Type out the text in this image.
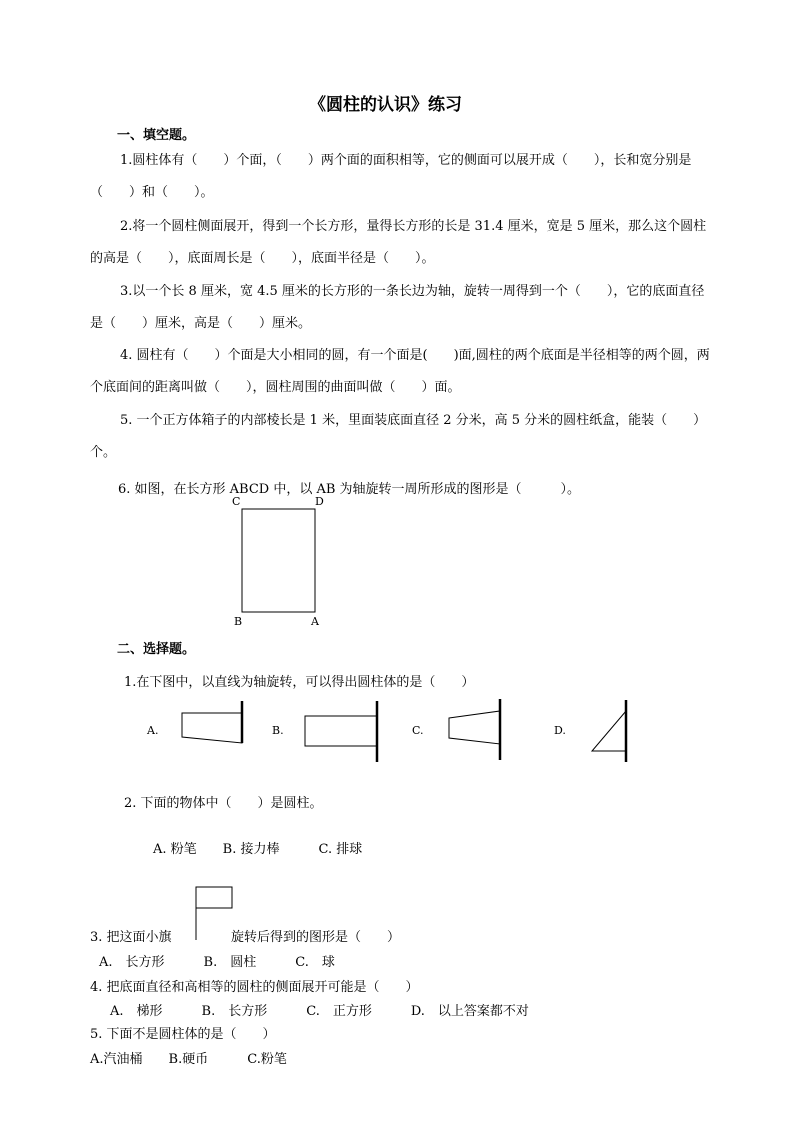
《圆柱的认识》练习
一、填空题。
1.圆柱体有（　　）个面，（　　）两个面的面积相等，它的侧面可以展开成（　　），长和宽分别是（　　）和（　　）。
2.将一个圆柱侧面展开，得到一个长方形，量得长方形的长是 31.4 厘米，宽是 5 厘米，那么这个圆柱的高是（　　），底面周长是（　　），底面半径是（　　）。
3.以一个长 8 厘米，宽 4.5 厘米的长方形的一条长边为轴，旋转一周得到一个（　　），它的底面直径是（　　）厘米，高是（　　）厘米。
4. 圆柱有（　　）个面是大小相同的圆，有一个面是(　　)面,圆柱的两个底面是半径相等的两个圆，两个底面间的距离叫做（　　），圆柱周围的曲面叫做（　　）面。
5. 一个正方体箱子的内部棱长是 1 米，里面装底面直径 2 分米，高 5 分米的圆柱纸盒，能装（　　）个。
6. 如图，在长方形 ABCD 中，以 AB 为轴旋转一周所形成的图形是（　　　）。
C	D
B	A
二、选择题。
1.在下图中，以直线为轴旋转，可以得出圆柱体的是（　　）
A.	B.	C.	D.
2. 下面的物体中（　　）是圆柱。
A. 粉笔　　B. 接力棒　　　C. 排球
3. 把这面小旗	旋转后得到的图形是（　　）
A.　长方形　　　B.　圆柱　　　C.　球
4. 把底面直径和高相等的圆柱的侧面展开可能是（　　）
A.　梯形　　　B.　长方形　　　C.　正方形　　　D.　以上答案都不对
5. 下面不是圆柱体的是（　　）
A.汽油桶　　B.硬币　　　C.粉笔
